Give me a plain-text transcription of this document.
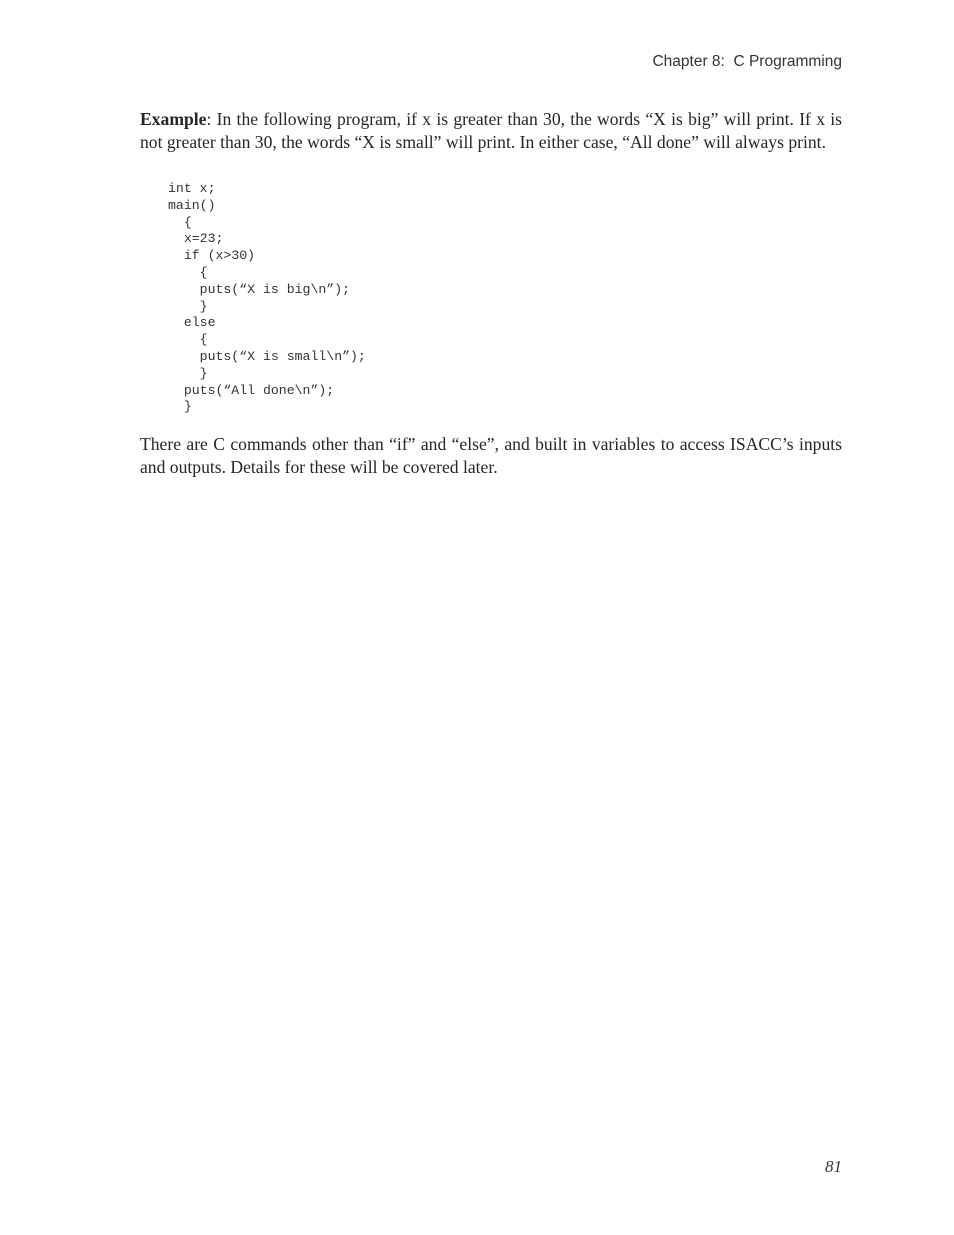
Chapter 8:  C Programming

Example: In the following program, if x is greater than 30, the words “X is big” will print. If x is not greater than 30, the words “X is small” will print. In either case, “All done” will always print.

int x;
main()
{
x=23;
if (x>30)
{
puts(“X is big\n”);
}
else
{
puts(“X is small\n”);
}
puts(“All done\n”);
}

There are C commands other than “if” and “else”, and built in variables to access ISACC’s inputs and outputs. Details for these will be covered later.

81
